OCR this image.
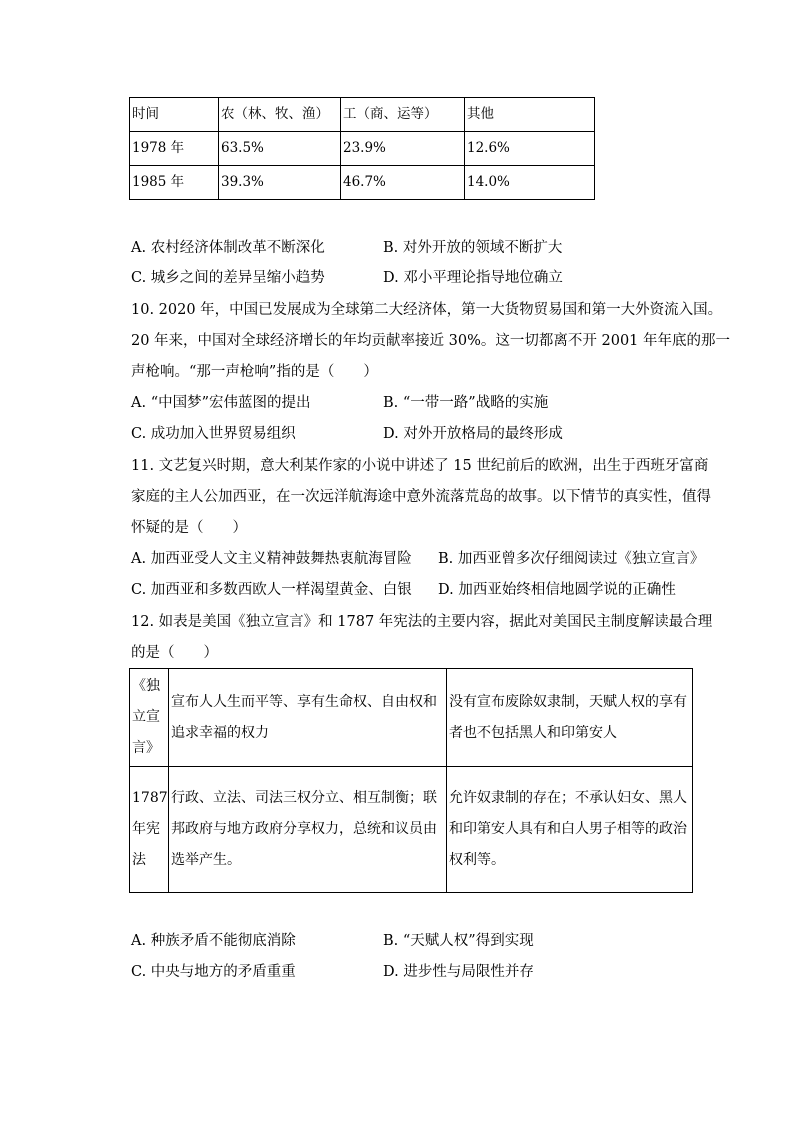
时间	农（林、牧、渔）	工（商、运等）	其他
1978 年	63.5%	23.9%	12.6%
1985 年	39.3%	46.7%	14.0%
A. 农村经济体制改革不断深化	B. 对外开放的领域不断扩大
C. 城乡之间的差异呈缩小趋势	D. 邓小平理论指导地位确立
10. 2020 年，中国已发展成为全球第二大经济体，第一大货物贸易国和第一大外资流入国。
20 年来，中国对全球经济增长的年均贡献率接近 30%。这一切都离不开 2001 年年底的那一
声枪响。“那一声枪响”指的是（　　）
A. “中国梦”宏伟蓝图的提出	B. “一带一路”战略的实施
C. 成功加入世界贸易组织	D. 对外开放格局的最终形成
11. 文艺复兴时期，意大利某作家的小说中讲述了 15 世纪前后的欧洲，出生于西班牙富商
家庭的主人公加西亚，在一次远洋航海途中意外流落荒岛的故事。以下情节的真实性，值得
怀疑的是（　　）
A. 加西亚受人文主义精神鼓舞热衷航海冒险 B. 加西亚曾多次仔细阅读过《独立宣言》
C. 加西亚和多数西欧人一样渴望黄金、白银 D. 加西亚始终相信地圆学说的正确性
12. 如表是美国《独立宣言》和 1787 年宪法的主要内容，据此对美国民主制度解读最合理
的是（　　）
《独立宣言》	宣布人人生而平等、享有生命权、自由权和追求幸福的权力	没有宣布废除奴隶制，天赋人权的享有者也不包括黑人和印第安人
1787 年宪法	行政、立法、司法三权分立、相互制衡；联邦政府与地方政府分享权力，总统和议员由选举产生。	允许奴隶制的存在；不承认妇女、黑人和印第安人具有和白人男子相等的政治权利等。
A. 种族矛盾不能彻底消除	B. “天赋人权”得到实现
C. 中央与地方的矛盾重重	D. 进步性与局限性并存
